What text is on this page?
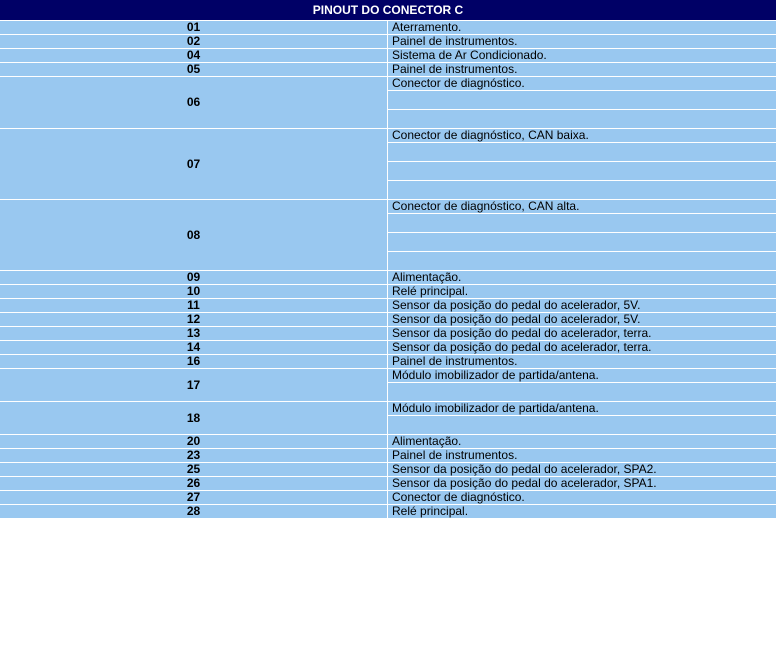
PINOUT DO CONECTOR C	
01	Aterramento.
02	Painel de instrumentos.
04	Sistema de Ar Condicionado.
05	Painel de instrumentos.
06	Conector de diagnóstico.

07	Conector de diagnóstico, CAN baixa.

08	Conector de diagnóstico, CAN alta.

09	Alimentação.
10	Relé principal.
11	Sensor da posição do pedal do acelerador, 5V.
12	Sensor da posição do pedal do acelerador, 5V.
13	Sensor da posição do pedal do acelerador, terra.
14	Sensor da posição do pedal do acelerador, terra.
16	Painel de instrumentos.
17	Módulo imobilizador de partida/antena.

18	Módulo imobilizador de partida/antena.

20	Alimentação.
23	Painel de instrumentos.
25	Sensor da posição do pedal do acelerador, SPA2.
26	Sensor da posição do pedal do acelerador, SPA1.
27	Conector de diagnóstico.
28	Relé principal.
